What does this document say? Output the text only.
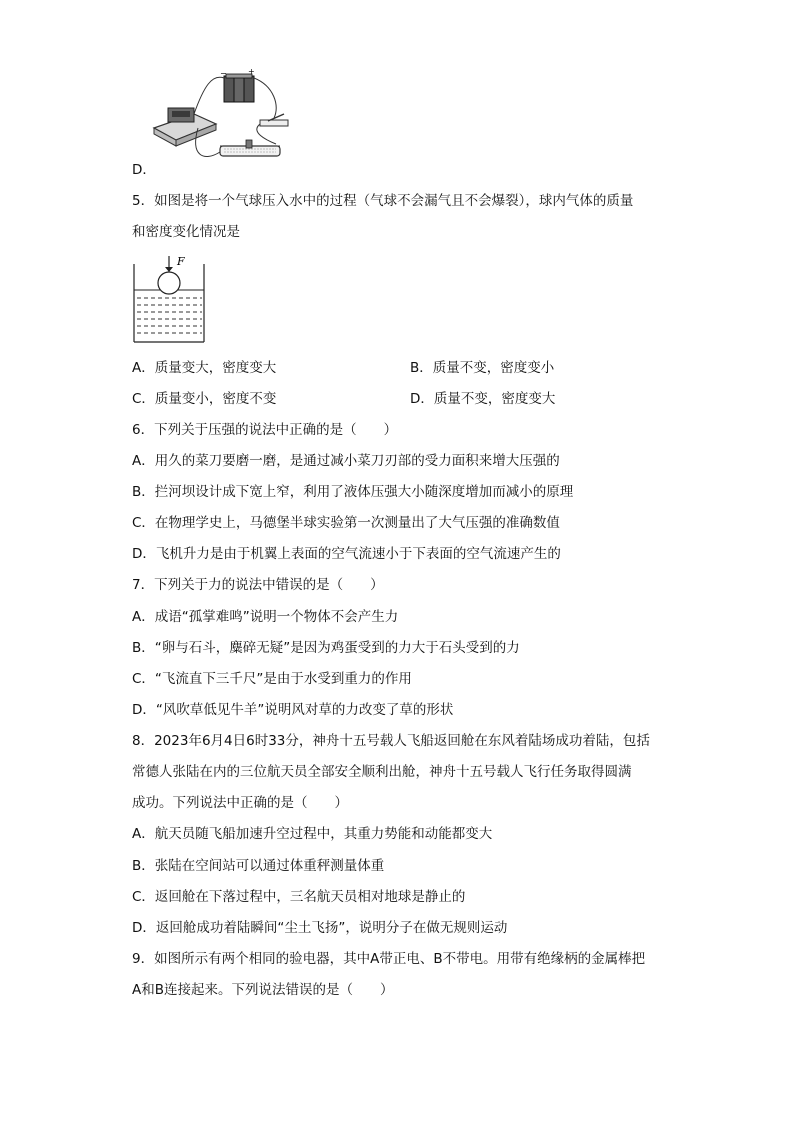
−	+
D．
5．如图是将一个气球压入水中的过程（气球不会漏气且不会爆裂），球内气体的质量
和密度变化情况是
F
A．质量变大，密度变大	B．质量不变，密度变小
C．质量变小，密度不变	D．质量不变，密度变大
6．下列关于压强的说法中正确的是（　　）
A．用久的菜刀要磨一磨，是通过减小菜刀刃部的受力面积来增大压强的
B．拦河坝设计成下宽上窄，利用了液体压强大小随深度增加而减小的原理
C．在物理学史上，马德堡半球实验第一次测量出了大气压强的准确数值
D．飞机升力是由于机翼上表面的空气流速小于下表面的空气流速产生的
7．下列关于力的说法中错误的是（　　）
A．成语“孤掌难鸣”说明一个物体不会产生力
B．“卵与石斗，麋碎无疑”是因为鸡蛋受到的力大于石头受到的力
C．“飞流直下三千尺”是由于水受到重力的作用
D．“风吹草低见牛羊”说明风对草的力改变了草的形状
8．2023年6月4日6时33分，神舟十五号载人飞船返回舱在东风着陆场成功着陆，包括
常德人张陆在内的三位航天员全部安全顺利出舱，神舟十五号载人飞行任务取得圆满
成功。下列说法中正确的是（　　）
A．航天员随飞船加速升空过程中，其重力势能和动能都变大
B．张陆在空间站可以通过体重秤测量体重
C．返回舱在下落过程中，三名航天员相对地球是静止的
D．返回舱成功着陆瞬间“尘土飞扬”，说明分子在做无规则运动
9．如图所示有两个相同的验电器，其中A带正电、B不带电。用带有绝缘柄的金属棒把
A和B连接起来。下列说法错误的是（　　）
